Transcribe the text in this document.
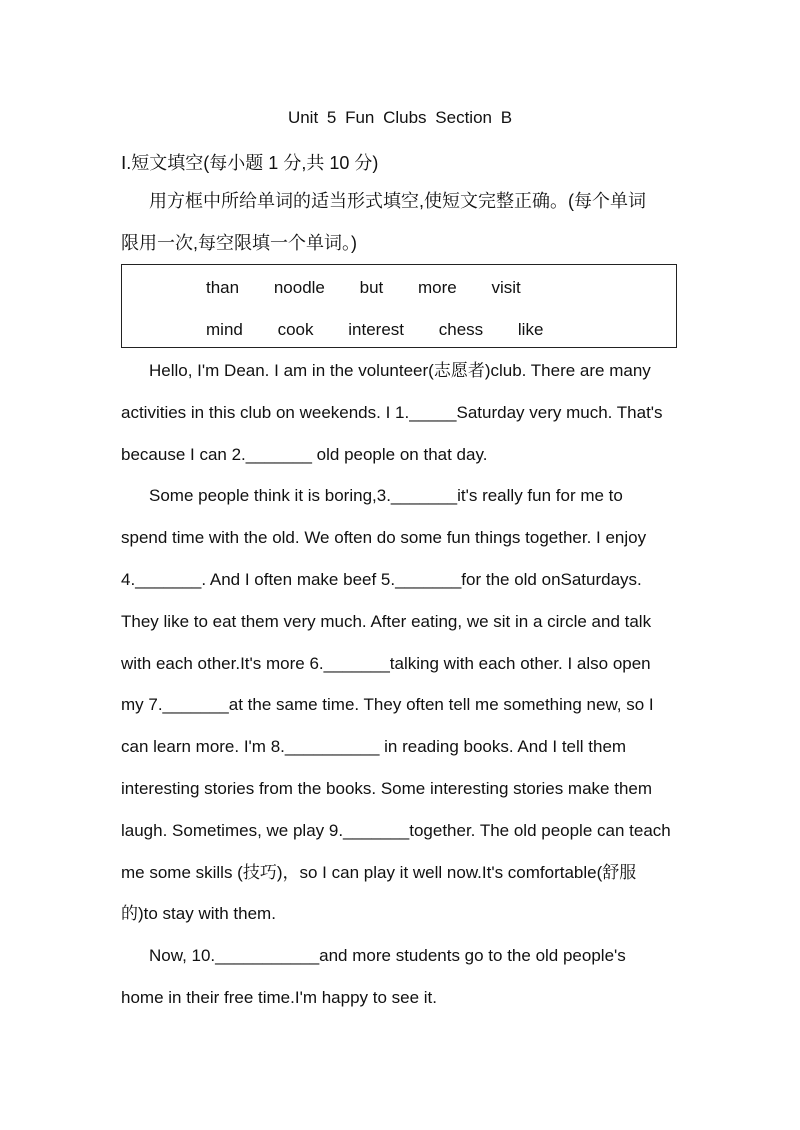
Unit 5 Fun Clubs Section B
Ⅰ.短文填空(每小题 1 分,共 10 分)
用方框中所给单词的适当形式填空,使短文完整正确。(每个单词
限用一次,每空限填一个单词。)
than noodle but more visit
mind cook interest chess like
Hello, I'm Dean. I am in the volunteer(志愿者)club. There are many
activities in this club on weekends. I 1._____Saturday very much. That's
because I can 2._______ old people on that day.
Some people think it is boring,3._______it's really fun for me to
spend time with the old. We often do some fun things together. I enjoy
4._______. And I often make beef 5._______for the old onSaturdays.
They like to eat them very much. After eating, we sit in a circle and talk
with each other.It's more 6._______talking with each other. I also open
my 7._______at the same time. They often tell me something new, so I
can learn more. I'm 8.__________ in reading books. And I tell them
interesting stories from the books. Some interesting stories make them
laugh. Sometimes, we play 9._______together. The old people can teach
me some skills (技巧)，so I can play it well now.It's comfortable(舒服
的)to stay with them.
Now, 10.___________and more students go to the old people's
home in their free time.I'm happy to see it.
